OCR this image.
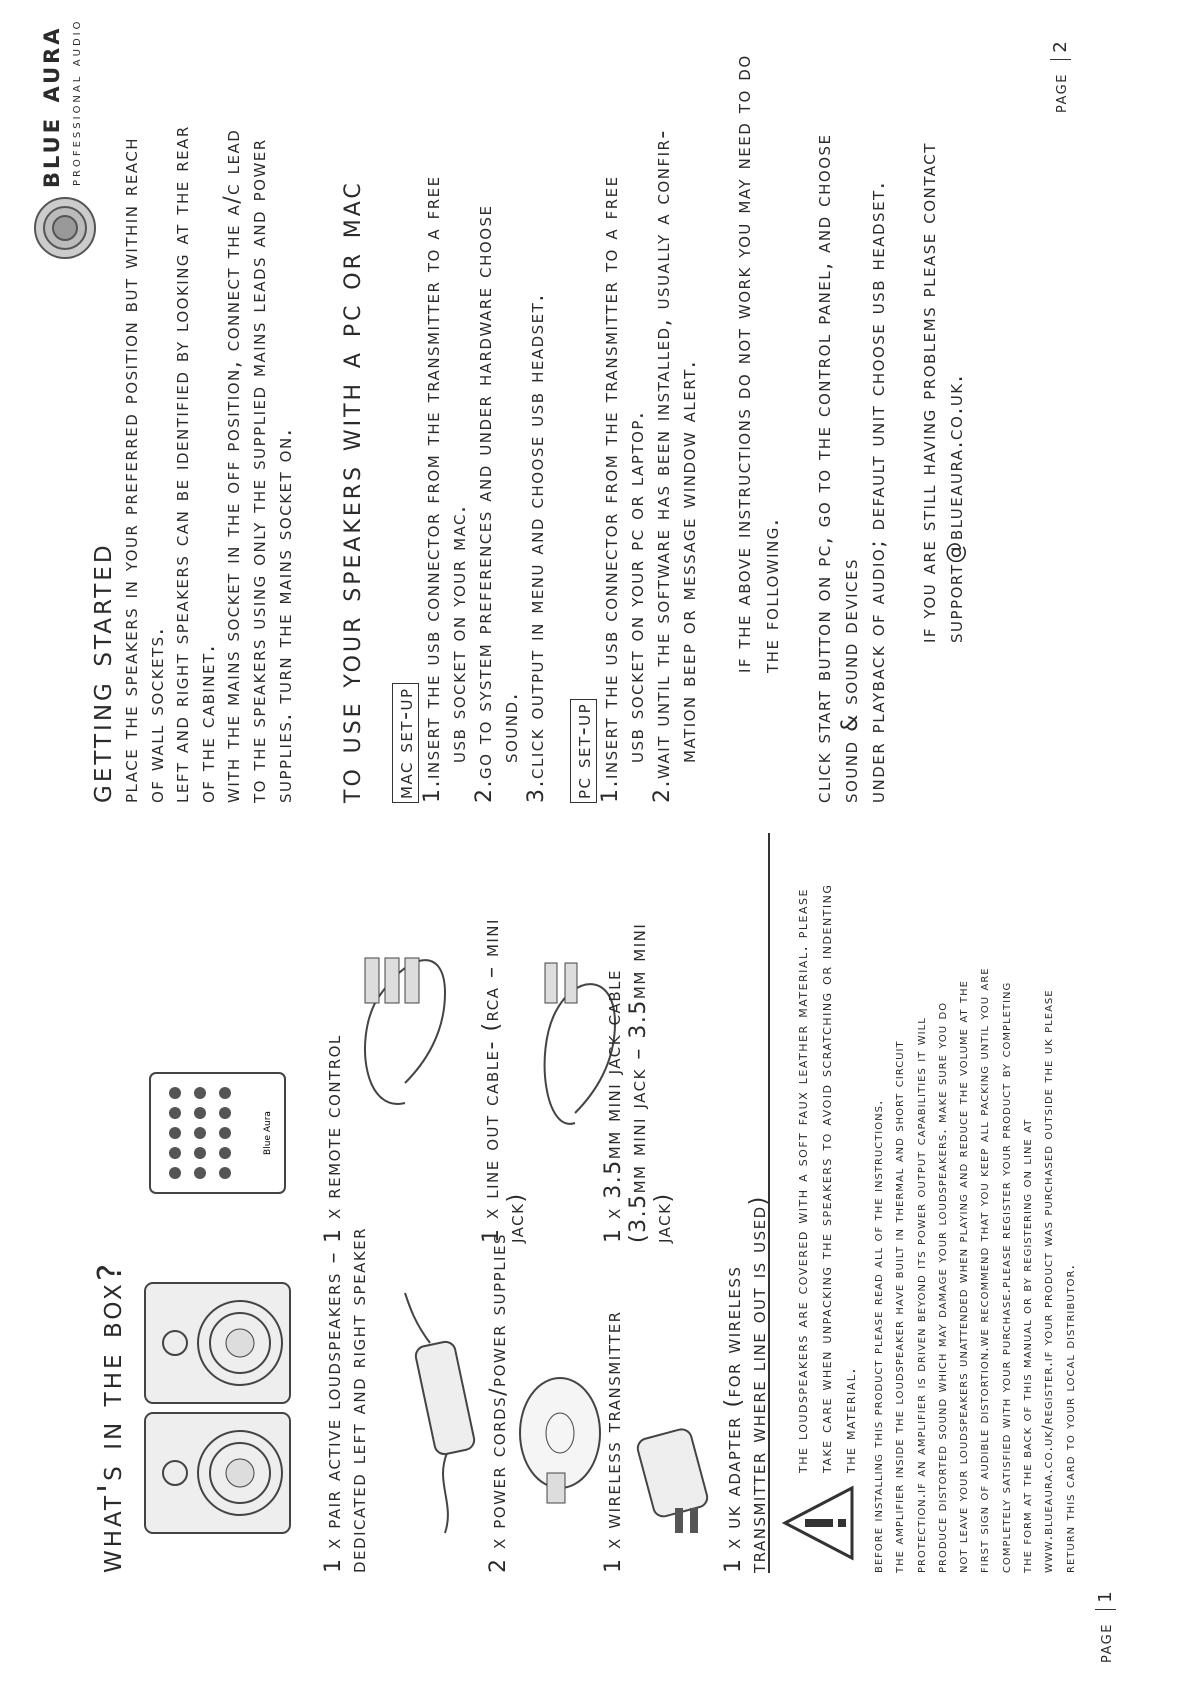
what's in the box?
Blue Aura
1 x pair active loudspeakers – dedicated left and right speaker	2 x power cords/power supplies	1 x wireless transmitter	1 x uk adapter (for wireless transmitter where line out is used)
1 x remote control	1 x line out cable- (rca – mini jack)	1 x 3.5mm mini jack cable (3.5mm mini jack – 3.5mm mini jack)	the loudspeakers are covered with a soft faux leather material. please take care when unpacking the speakers to avoid scratching or indenting the material. before installing this product please read all of the instructions. the amplifier inside the loudspeaker have built in thermal and short circuit protection.if an amplifier is driven beyond its power output capabilities it will produce distorted sound which may damage your loudspeakers. make sure you do not leave your loudspeakers unattended when playing and reduce the volume at the first sign of audible distortion.we recommend that you keep all packing until you are completely satisfied with your purchase.please register your product by completing the form at the back of this manual or by registering on line at www.blueaura.co.uk/register.if your product was purchased outside the uk please return this card to your local distributor.
page 1
blue aura professional audio
getting started place the speakers in your preferred position but within reach of wall sockets. left and right speakers can be identified by looking at the rear of the cabinet. with the mains socket in the off position, connect the a/c lead to the speakers using only the supplied mains leads and power supplies. turn the mains socket on. to use your speakers with a pc or mac mac set-up 1.insert the usb connector from the transmitter to a free usb socket on your mac. 2.go to system preferences and under hardware choose sound. 3.click output in menu and choose usb headset. pc set-up 1.insert the usb connector from the transmitter to a free usb socket on your pc or laptop. 2.wait until the software has been installed, usually a confir- mation beep or message window alert. if the above instructions do not work you may need to do the following. click start button on pc, go to the control panel, and choose sound & sound devices under playback of audio; default unit choose usb headset. if you are still having problems please contact support@blueaura.co.uk.
page 2
